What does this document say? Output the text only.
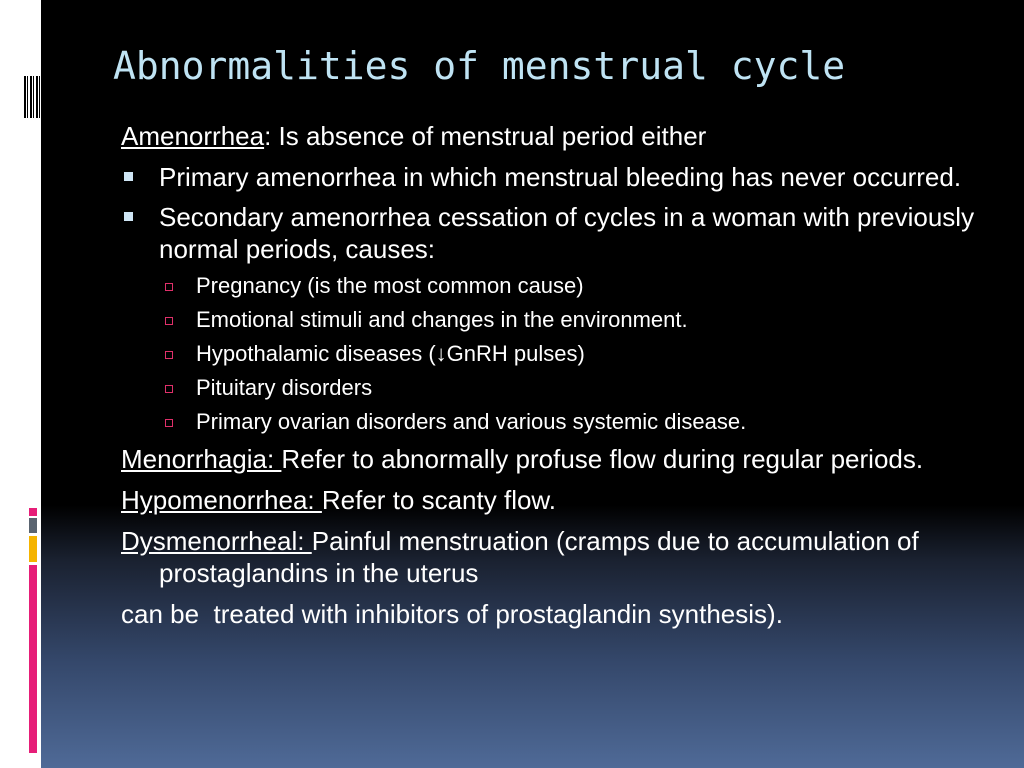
Abnormalities of menstrual cycle

Amenorrhea: Is absence of menstrual period either

Primary amenorrhea in which menstrual bleeding has never occurred.
Secondary amenorrhea cessation of cycles in a woman with previously normal periods, causes:
Pregnancy (is the most common cause)
Emotional stimuli and changes in the environment.
Hypothalamic diseases (↓GnRH pulses)
Pituitary disorders
Primary ovarian disorders and various systemic disease.

Menorrhagia: Refer to abnormally profuse flow during regular periods.

Hypomenorrhea: Refer to scanty flow.

Dysmenorrheal: Painful menstruation (cramps due to accumulation of prostaglandins in the uterus

can be  treated with inhibitors of prostaglandin synthesis).
